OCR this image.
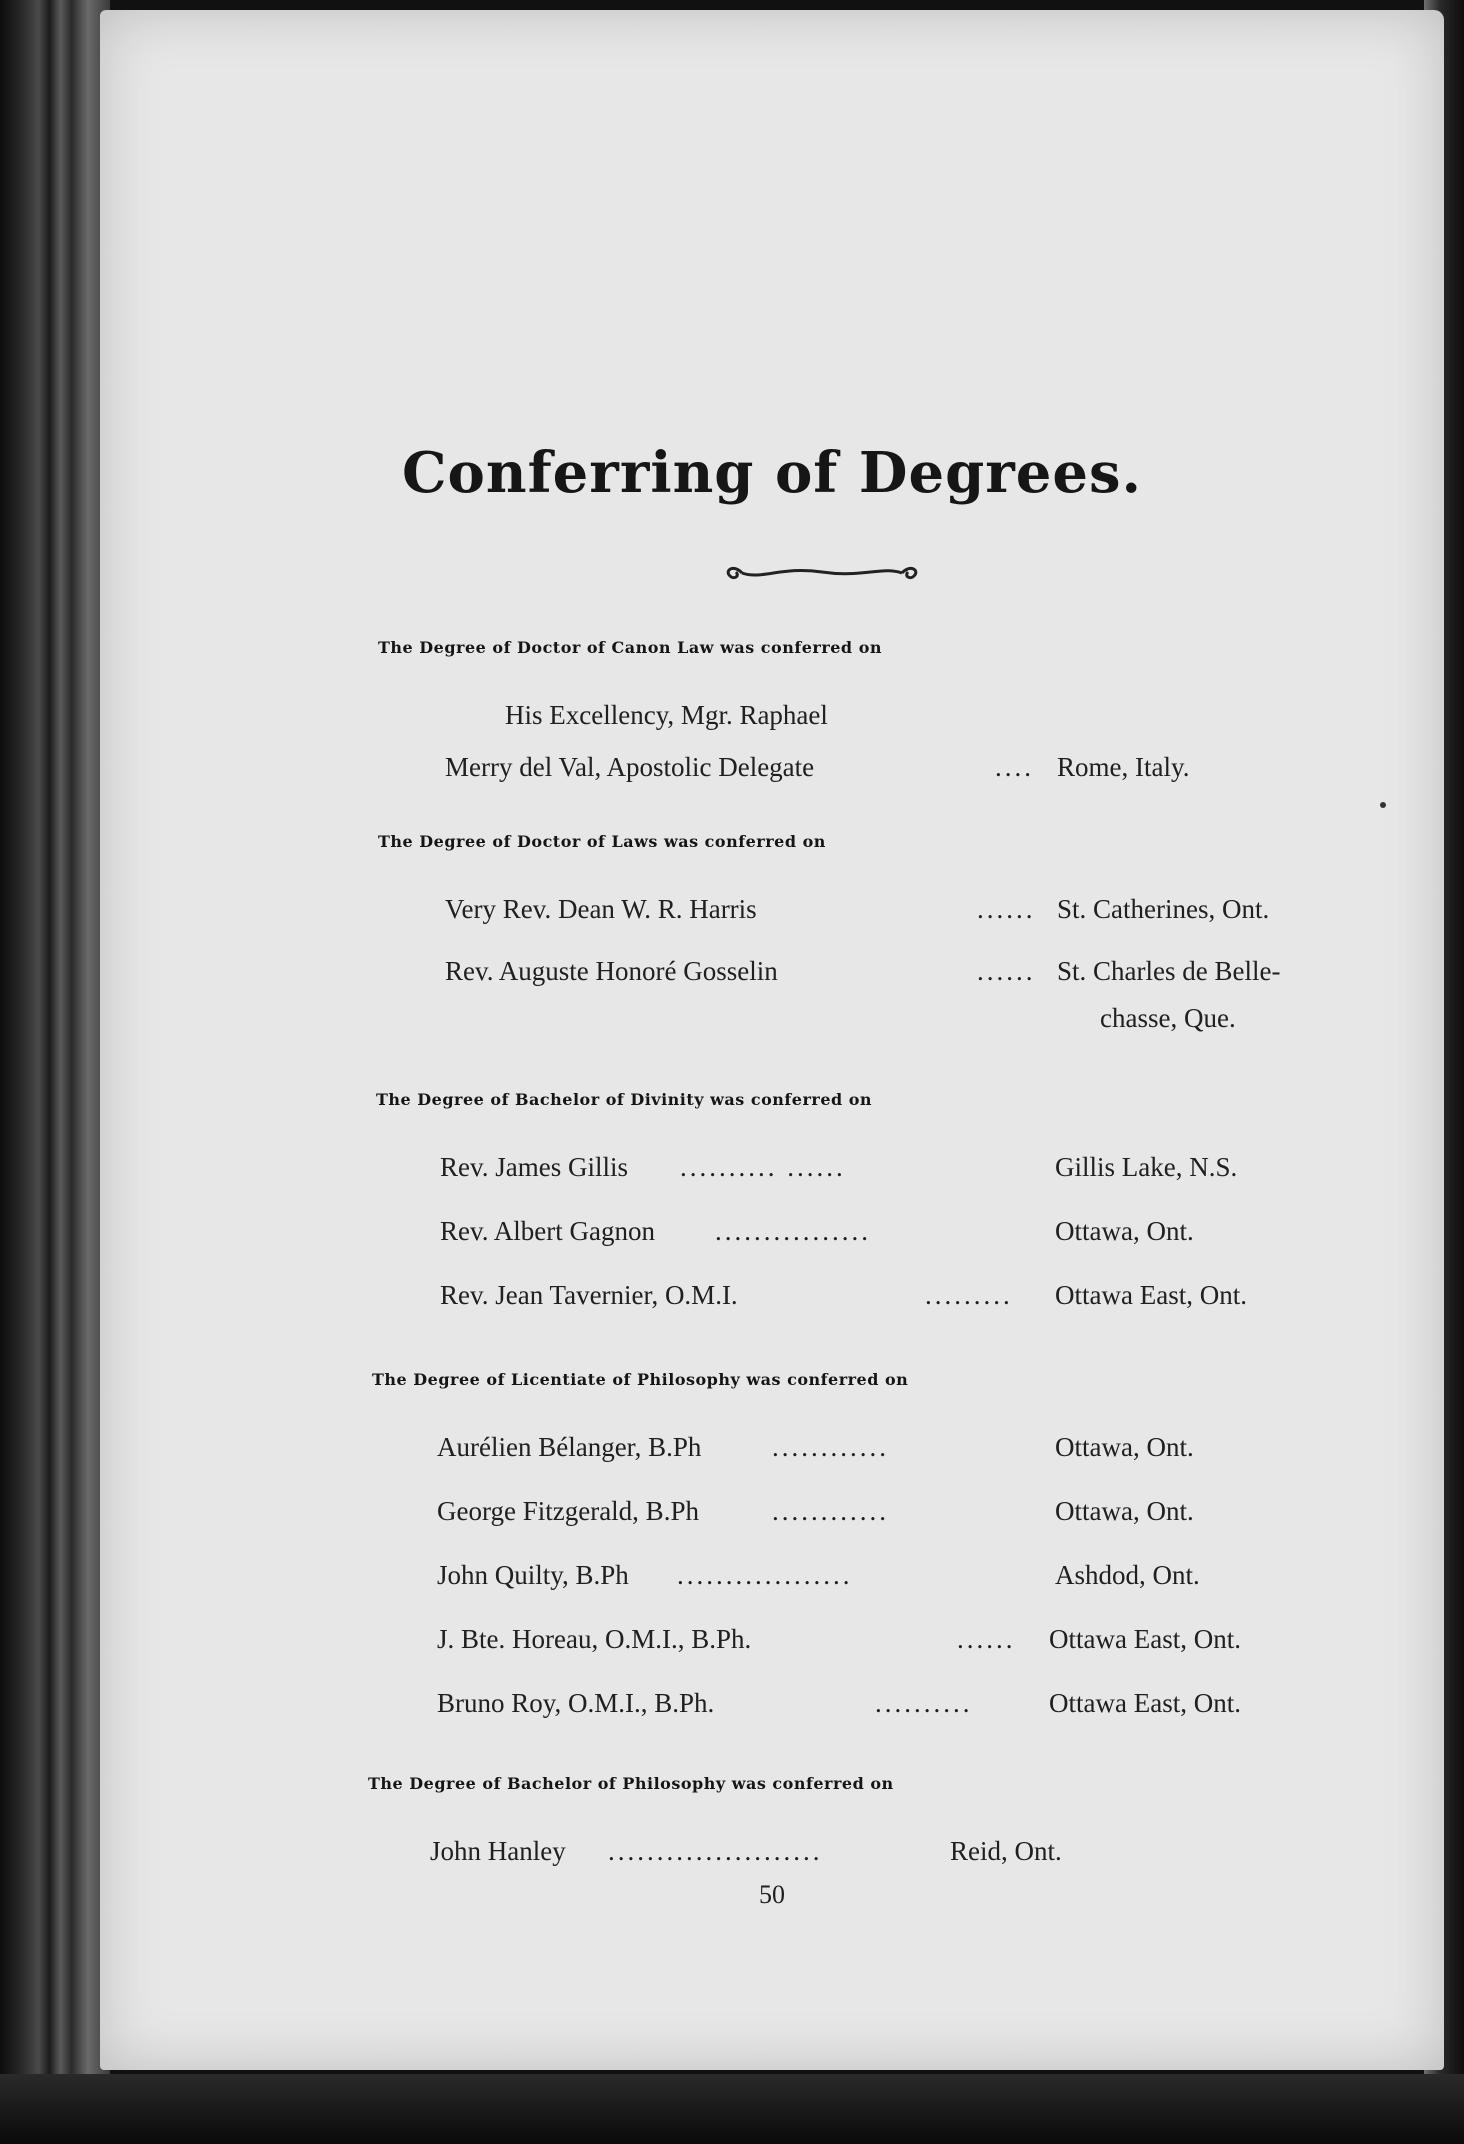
Conferring of Degrees.
The Degree of Doctor of Canon Law was conferred on
His Excellency, Mgr. Raphael
Merry del Val, Apostolic Delegate	.... Rome, Italy.
The Degree of Doctor of Laws was conferred on
Very Rev. Dean W. R. Harris	...... St. Catherines, Ont.
Rev. Auguste Honoré Gosselin	...... St. Charles de Belle-
chasse, Que.
The Degree of Bachelor of Divinity was conferred on
Rev. James Gillis .......... ......	Gillis Lake, N.S.
Rev. Albert Gagnon ................	Ottawa, Ont.
Rev. Jean Tavernier, O.M.I.	......... Ottawa East, Ont.
The Degree of Licentiate of Philosophy was conferred on
Aurélien Bélanger, B.Ph	............	Ottawa, Ont.
George Fitzgerald, B.Ph	............	Ottawa, Ont.
John Quilty, B.Ph ..................	Ashdod, Ont.
J. Bte. Horeau, O.M.I., B.Ph.	...... Ottawa East, Ont.
Bruno Roy, O.M.I., B.Ph.	..........	Ottawa East, Ont.
The Degree of Bachelor of Philosophy was conferred on
John Hanley ......................	Reid, Ont.
50
